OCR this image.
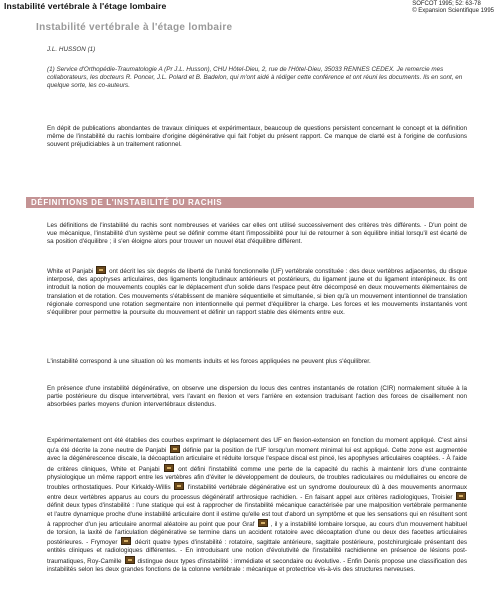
Instabilité vertébrale à l'étage lombaire	SOFCOT 1995; 52: 63-78
© Expansion Scientifique 1995
Instabilité vertébrale à l'étage lombaire
J.L. HUSSON (1)
(1) Service d'Orthopédie-Traumatologie A (Pr J.L. Husson), CHU Hôtel-Dieu, 2, rue de l'Hôtel-Dieu, 35033 RENNES CEDEX. Je remercie mes collaborateurs, les docteurs R. Poncer, J.L. Polard et B. Badelon, qui m'ont aidé à rédiger cette conférence et ont réuni les documents. Ils en sont, en quelque sorte, les co-auteurs.
En dépit de publications abondantes de travaux cliniques et expérimentaux, beaucoup de questions persistent concernant le concept et la définition même de l'instabilité du rachis lombaire d'origine dégénérative qui fait l'objet du présent rapport. Ce manque de clarté est à l'origine de confusions souvent préjudiciables à un traitement rationnel.
DÉFINITIONS DE L'INSTABILITÉ DU RACHIS
Les définitions de l'instabilité du rachis sont nombreuses et variées car elles ont utilisé successivement des critères très différents. - D'un point de vue mécanique, l'instabilité d'un système peut se définir comme étant l'impossibilité pour lui de retourner à son équilibre initial lorsqu'il est écarté de sa position d'équilibre ; il s'en éloigne alors pour trouver un nouvel état d'équilibre différent.
White et Panjabi	ont décrit les six degrés de liberté de l'unité fonctionnelle (UF) vertébrale constituée : des deux vertèbres adjacentes, du disque interposé, des apophyses articulaires, des ligaments longitudinaux antérieurs et postérieurs, du ligament jaune et du ligament interépineux. Ils ont introduit la notion de mouvements couplés car le déplacement d'un solide dans l'espace peut être décomposé en deux mouvements élémentaires de translation et de rotation. Ces mouvements s'établissent de manière séquentielle et simultanée, si bien qu'à un mouvement intentionnel de translation régionale correspond une rotation segmentaire non intentionnelle qui permet d'équilibrer la charge. Les forces et les mouvements instantanés vont s'équilibrer pour permettre la poursuite du mouvement et définir un rapport stable des éléments entre eux.
L'instabilité correspond à une situation où les moments induits et les forces appliquées ne peuvent plus s'équilibrer.
En présence d'une instabilité dégénérative, on observe une dispersion du locus des centres instantanés de rotation (CIR) normalement située à la partie postérieure du disque intervertébral, vers l'avant en flexion et vers l'arrière en extension traduisant l'action des forces de cisaillement non absorbées parles moyens d'union intervertébraux distendus.
Expérimentalement ont été établies des courbes exprimant le déplacement des UF en flexion-extension en fonction du moment appliqué. C'est ainsi qu'a été décrite la zone neutre de Panjabi	définie par la position de l'UF lorsqu'un moment minimal lui est appliqué. Cette zone est augmentée avec la dégénérescence discale, la décoaptation articulaire et réduite lorsque l'espace discal est pincé, les apophyses articulaires coaptées. - À l'aide de critères cliniques, White et Panjabi	ont défini l'instabilité comme une perte de la capacité du rachis à maintenir lors d'une contrainte physiologique un même rapport entre les vertèbres afin d'éviter le développement de douleurs, de troubles radiculaires ou médullaires ou encore de troubles orthostatiques. Pour Kirkaldy-Willis	l'instabilité vertébrale dégénérative est un syndrome douloureux dû à des mouvements anormaux entre deux vertèbres apparus au cours du processus dégénératif arthrosique rachidien. - En faisant appel aux critères radiologiques, Troisier  définit deux types d'instabilité : l'une statique qui est à rapprocher de l'instabilité mécanique caractérisée par une malposition vertébrale permanente et l'autre dynamique proche d'une instabilité articulaire dont il estime qu'elle est tout d'abord un symptôme et que les sensations qui en résultent sont à rapprocher d'un jeu articulaire anormal aléatoire au point que pour Graf	, il y a instabilité lombaire lorsque, au cours d'un mouvement habituel de torsion, la laxité de l'articulation dégénérative se termine dans un accident rotatoire avec décoaptation d'une ou deux des facettes articulaires postérieures. - Frymoyer	décrit quatre types d'instabilité : rotatoire, sagittale antérieure, sagittale postérieure, postchirurgicale présentant des entités cliniques et radiologiques différentes. - En introduisant une notion d'évolutivité de l'instabilité rachidienne en présence de lésions post-traumatiques, Roy-Camille	distingue deux types d'instabilité : immédiate et secondaire ou évolutive. - Enfin Denis propose une classification des instabilités selon les deux grandes fonctions de la colonne vertébrale : mécanique et protectrice vis-à-vis des structures nerveuses.
